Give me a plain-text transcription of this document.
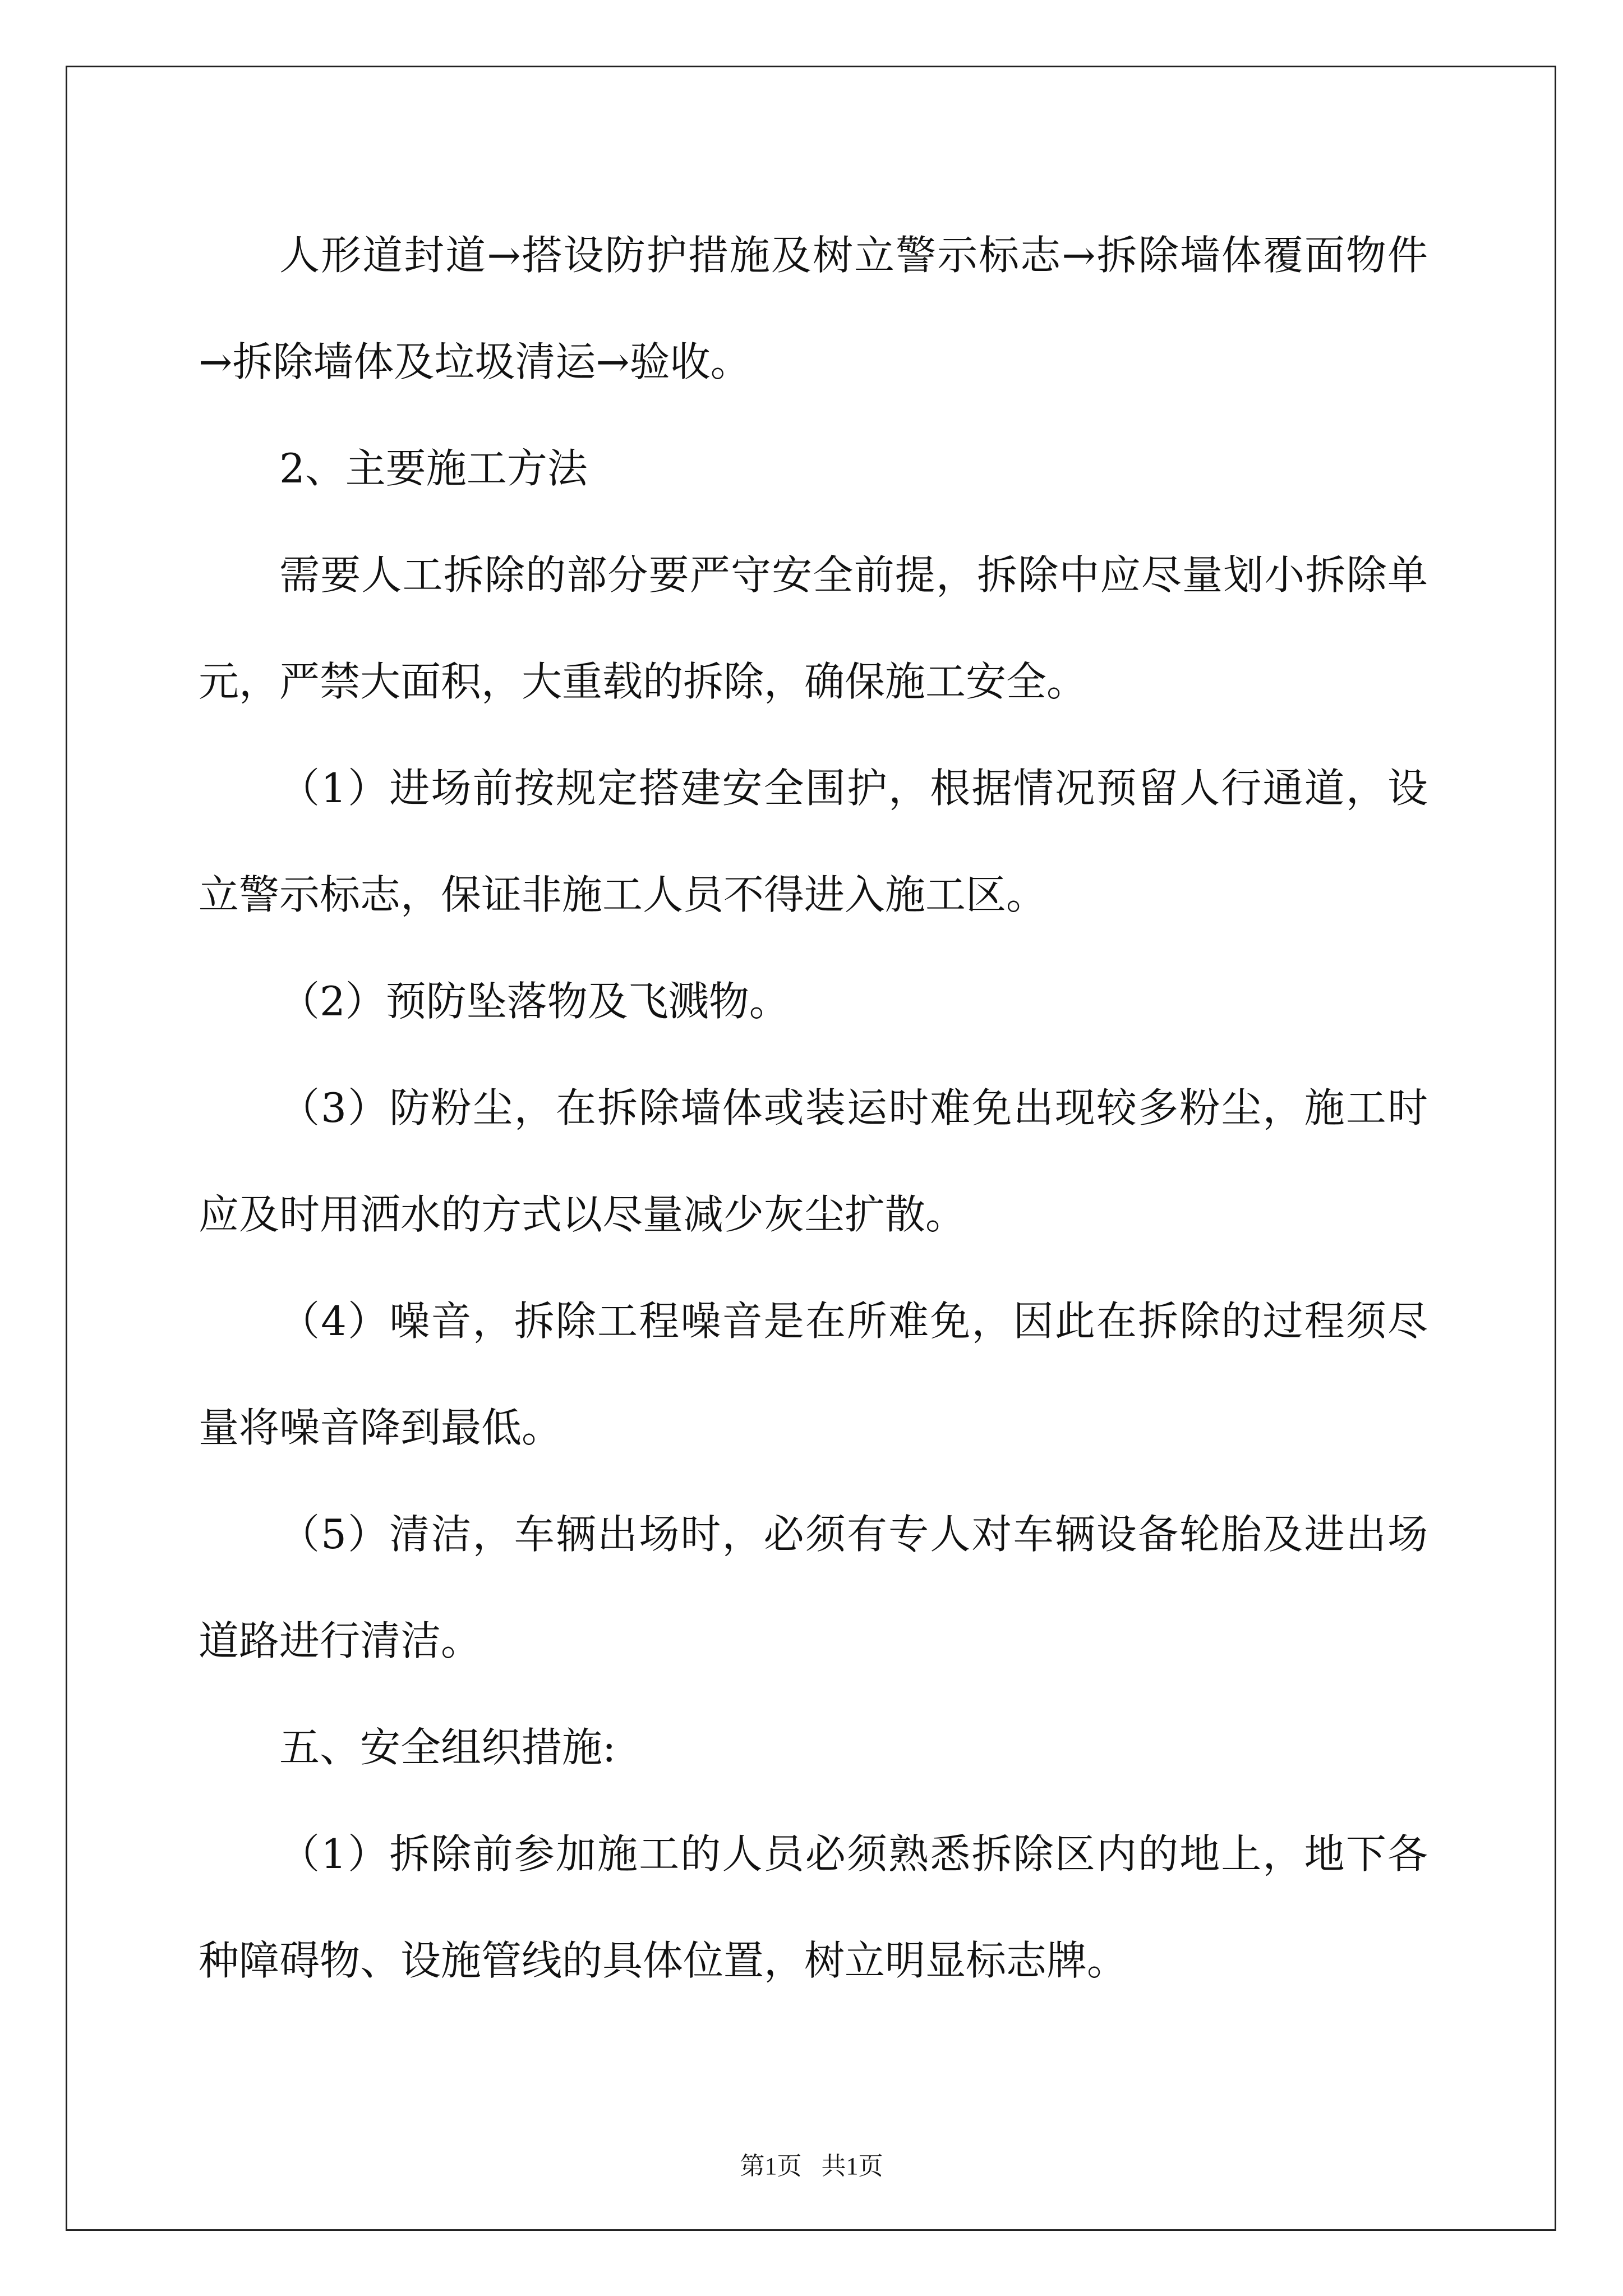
人形道封道→搭设防护措施及树立警示标志→拆除墙体覆面物件→拆除墙体及垃圾清运→验收。

2、主要施工方法

需要人工拆除的部分要严守安全前提，拆除中应尽量划小拆除单元，严禁大面积，大重载的拆除，确保施工安全。

（1）进场前按规定搭建安全围护，根据情况预留人行通道，设立警示标志，保证非施工人员不得进入施工区。

（2）预防坠落物及飞溅物。

（3）防粉尘，在拆除墙体或装运时难免出现较多粉尘，施工时应及时用洒水的方式以尽量减少灰尘扩散。

（4）噪音，拆除工程噪音是在所难免，因此在拆除的过程须尽量将噪音降到最低。

（5）清洁，车辆出场时，必须有专人对车辆设备轮胎及进出场道路进行清洁。

五、安全组织措施:

（1）拆除前参加施工的人员必须熟悉拆除区内的地上，地下各种障碍物、设施管线的具体位置，树立明显标志牌。

第1页 共1页
